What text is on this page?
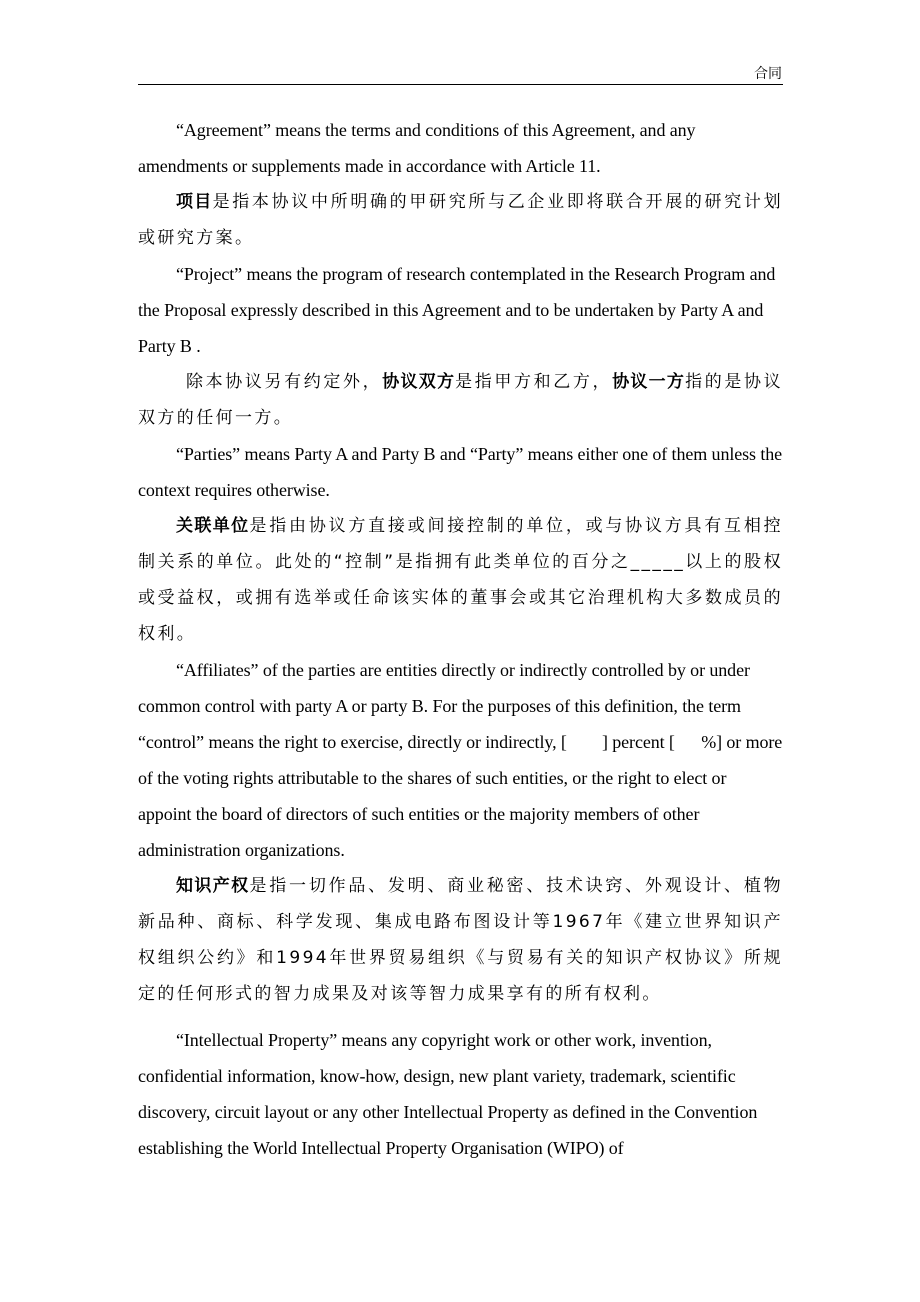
合同

“Agreement” means the terms and conditions of this Agreement, and any amendments or supplements made in accordance with Article 11.

项目是指本协议中所明确的甲研究所与乙企业即将联合开展的研究计划或研究方案。

“Project” means the program of research contemplated in the Research Program and the Proposal expressly described in this Agreement and to be undertaken by Party A and Party B .

除本协议另有约定外，协议双方是指甲方和乙方，协议一方指的是协议双方的任何一方。

“Parties” means Party A and Party B and “Party” means either one of them unless the context requires otherwise.

关联单位是指由协议方直接或间接控制的单位，或与协议方具有互相控制关系的单位。此处的“控制”是指拥有此类单位的百分之_____以上的股权或受益权，或拥有选举或任命该实体的董事会或其它治理机构大多数成员的权利。

“Affiliates” of the parties are entities directly or indirectly controlled by or under common control with party A or party B. For the purposes of this definition, the term “control” means the right to exercise, directly or indirectly, [        ] percent [      %] or more of the voting rights attributable to the shares of such entities, or the right to elect or appoint the board of directors of such entities or the majority members of other administration organizations.

知识产权是指一切作品、发明、商业秘密、技术诀窍、外观设计、植物新品种、商标、科学发现、集成电路布图设计等1967年《建立世界知识产权组织公约》和1994年世界贸易组织《与贸易有关的知识产权协议》所规定的任何形式的智力成果及对该等智力成果享有的所有权利。

“Intellectual Property” means any copyright work or other work, invention, confidential information, know-how, design, new plant variety, trademark, scientific discovery, circuit layout or any other Intellectual Property as defined in the Convention establishing the World Intellectual Property Organisation (WIPO) of
